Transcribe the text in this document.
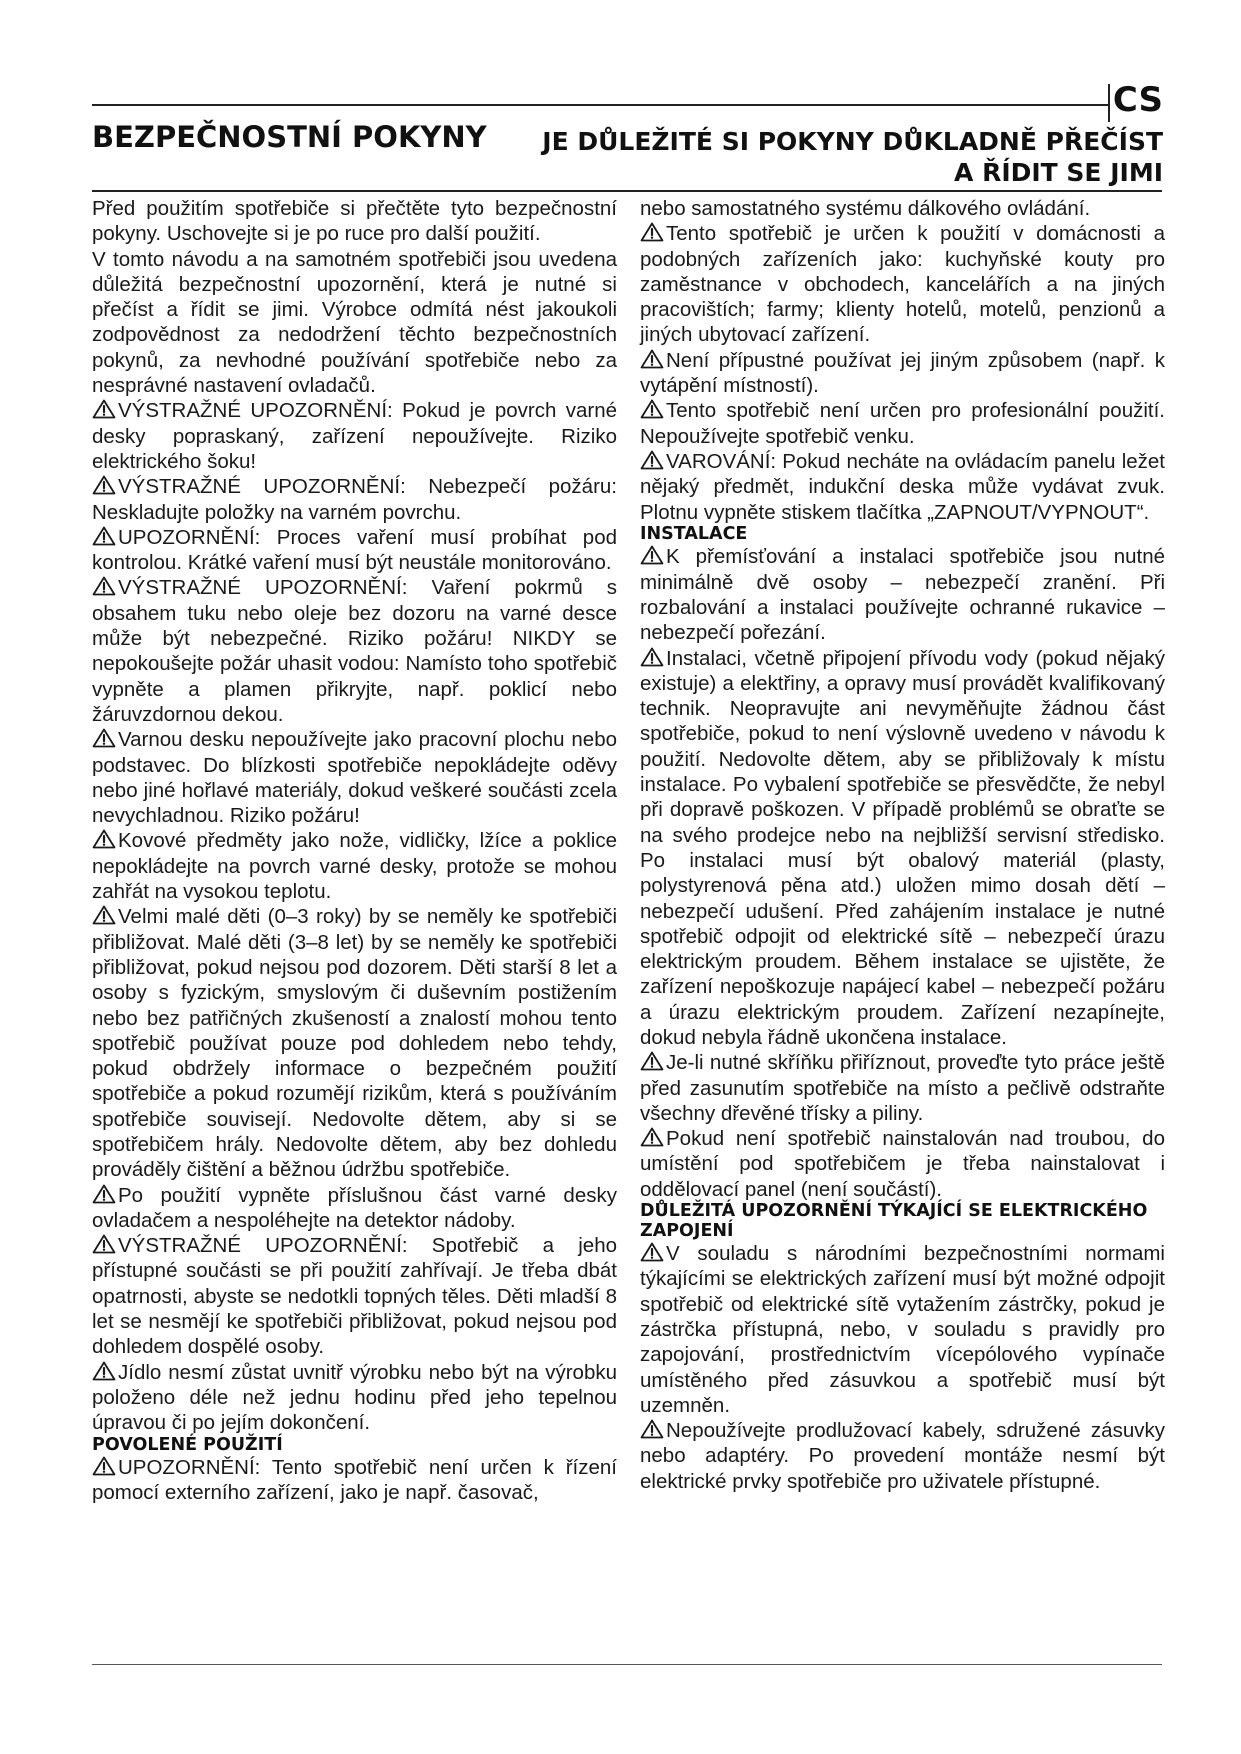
CS
BEZPEČNOSTNÍ POKYNY JE DŮLEŽITÉ SI POKYNY DŮKLADNĚ PŘEČÍST
A ŘÍDIT SE JIMI

Před použitím spotřebiče si přečtěte tyto bezpečnostní pokyny. Uschovejte si je po ruce pro další použití.

V tomto návodu a na samotném spotřebiči jsou uvedena důležitá bezpečnostní upozornění, která je nutné si přečíst a řídit se jimi. Výrobce odmítá nést jakoukoli zodpovědnost za nedodržení těchto bezpečnostních pokynů, za nevhodné používání spotřebiče nebo za nesprávné nastavení ovladačů.

VÝSTRAŽNÉ UPOZORNĚNÍ: Pokud je povrch varné desky popraskaný, zařízení nepoužívejte. Riziko elektrického šoku!

VÝSTRAŽNÉ UPOZORNĚNÍ: Nebezpečí požáru: Neskladujte položky na varném povrchu.

UPOZORNĚNÍ: Proces vaření musí probíhat pod kontrolou. Krátké vaření musí být neustále monitorováno.

VÝSTRAŽNÉ UPOZORNĚNÍ: Vaření pokrmů s obsahem tuku nebo oleje bez dozoru na varné desce může být nebezpečné. Riziko požáru! NIKDY se nepokoušejte požár uhasit vodou: Namísto toho spotřebič vypněte a plamen přikryjte, např. poklicí nebo žáruvzdornou dekou.

Varnou desku nepoužívejte jako pracovní plochu nebo podstavec. Do blízkosti spotřebiče nepokládejte oděvy nebo jiné hořlavé materiály, dokud veškeré součásti zcela nevychladnou. Riziko požáru!

Kovové předměty jako nože, vidličky, lžíce a poklice nepokládejte na povrch varné desky, protože se mohou zahřát na vysokou teplotu.

Velmi malé děti (0–3 roky) by se neměly ke spotřebiči přibližovat. Malé děti (3–8 let) by se neměly ke spotřebiči přibližovat, pokud nejsou pod dozorem. Děti starší 8 let a osoby s fyzickým, smyslovým či duševním postižením nebo bez patřičných zkušeností a znalostí mohou tento spotřebič používat pouze pod dohledem nebo tehdy, pokud obdržely informace o bezpečném použití spotřebiče a pokud rozumějí rizikům, která s používáním spotřebiče souvisejí. Nedovolte dětem, aby si se spotřebičem hrály. Nedovolte dětem, aby bez dohledu prováděly čištění a běžnou údržbu spotřebiče.

Po použití vypněte příslušnou část varné desky ovladačem a nespoléhejte na detektor nádoby.

VÝSTRAŽNÉ UPOZORNĚNÍ: Spotřebič a jeho přístupné součásti se při použití zahřívají. Je třeba dbát opatrnosti, abyste se nedotkli topných těles. Děti mladší 8 let se nesmějí ke spotřebiči přibližovat, pokud nejsou pod dohledem dospělé osoby.

Jídlo nesmí zůstat uvnitř výrobku nebo být na výrobku položeno déle než jednu hodinu před jeho tepelnou úpravou či po jejím dokončení.

POVOLENÉ POUŽITÍ

UPOZORNĚNÍ: Tento spotřebič není určen k řízení pomocí externího zařízení, jako je např. časovač,

nebo samostatného systému dálkového ovládání.

Tento spotřebič je určen k použití v domácnosti a podobných zařízeních jako: kuchyňské kouty pro zaměstnance v obchodech, kancelářích a na jiných pracovištích; farmy; klienty hotelů, motelů, penzionů a jiných ubytovací zařízení.

Není přípustné používat jej jiným způsobem (např. k vytápění místností).

Tento spotřebič není určen pro profesionální použití. Nepoužívejte spotřebič venku.

VAROVÁNÍ: Pokud necháte na ovládacím panelu ležet nějaký předmět, indukční deska může vydávat zvuk. Plotnu vypněte stiskem tlačítka „ZAPNOUT/VYPNOUT“.

INSTALACE

K přemísťování a instalaci spotřebiče jsou nutné minimálně dvě osoby – nebezpečí zranění. Při rozbalování a instalaci používejte ochranné rukavice – nebezpečí pořezání.

Instalaci, včetně připojení přívodu vody (pokud nějaký existuje) a elektřiny, a opravy musí provádět kvalifikovaný technik. Neopravujte ani nevyměňujte žádnou část spotřebiče, pokud to není výslovně uvedeno v návodu k použití. Nedovolte dětem, aby se přibližovaly k místu instalace. Po vybalení spotřebiče se přesvědčte, že nebyl při dopravě poškozen. V případě problémů se obraťte se na svého prodejce nebo na nejbližší servisní středisko. Po instalaci musí být obalový materiál (plasty, polystyrenová pěna atd.) uložen mimo dosah dětí – nebezpečí udušení. Před zahájením instalace je nutné spotřebič odpojit od elektrické sítě – nebezpečí úrazu elektrickým proudem. Během instalace se ujistěte, že zařízení nepoškozuje napájecí kabel – nebezpečí požáru a úrazu elektrickým proudem. Zařízení nezapínejte, dokud nebyla řádně ukončena instalace.

Je-li nutné skříňku přiříznout, proveďte tyto práce ještě před zasunutím spotřebiče na místo a pečlivě odstraňte všechny dřevěné třísky a piliny.

Pokud není spotřebič nainstalován nad troubou, do umístění pod spotřebičem je třeba nainstalovat i oddělovací panel (není součástí).

DŮLEŽITÁ UPOZORNĚNÍ TÝKAJÍCÍ SE ELEKTRICKÉHO ZAPOJENÍ

V souladu s národními bezpečnostními normami týkajícími se elektrických zařízení musí být možné odpojit spotřebič od elektrické sítě vytažením zástrčky, pokud je zástrčka přístupná, nebo, v souladu s pravidly pro zapojování, prostřednictvím vícepólového vypínače umístěného před zásuvkou a spotřebič musí být uzemněn.

Nepoužívejte prodlužovací kabely, sdružené zásuvky nebo adaptéry. Po provedení montáže nesmí být elektrické prvky spotřebiče pro uživatele přístupné.
